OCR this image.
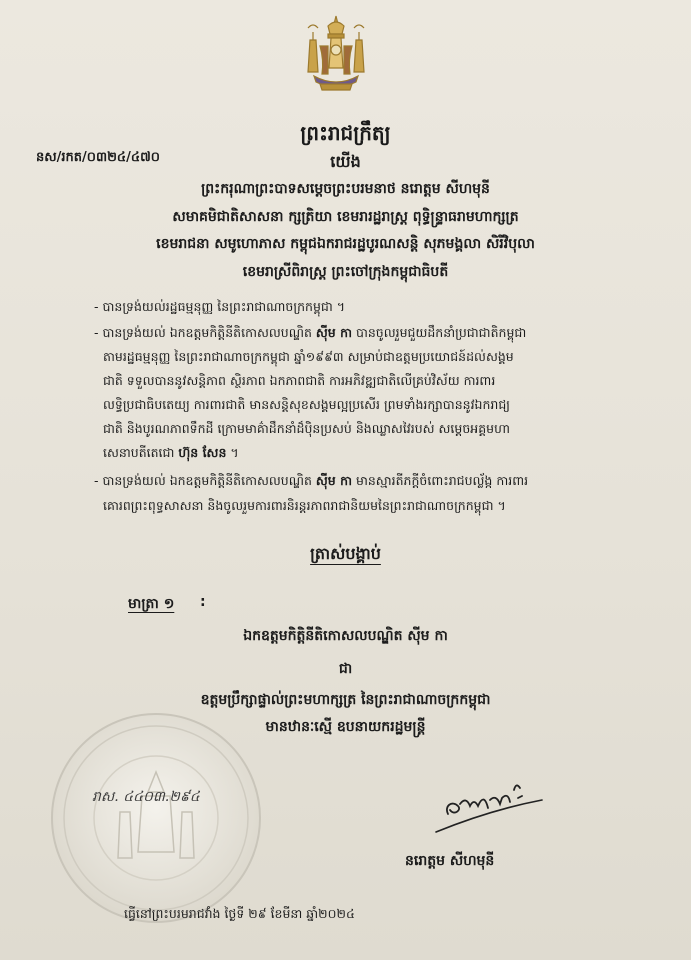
ព្រះរាជក្រឹត្យ
នស/រកត/០៣២៤/៤៧០	យើង
ព្រះករុណាព្រះបាទសម្តេចព្រះបរមនាថ នរោត្តម សីហមុនី
សមាគមិជាតិសាសនា ក្សត្រិយា ខេមរារដ្ឋរាស្ត្រ ពុទ្ធិន្ទ្រាធរាមហាក្សត្រ
ខេមរាជនា សមូហោភាស កម្ពុជឯករាជរដ្ឋបូរណសន្តិ សុភមង្គលា សិរីវិបុលា
ខេមរាស្រីពិរាស្ត្រ ព្រះចៅក្រុងកម្ពុជាធិបតី
- បានទ្រង់យល់រដ្ឋធម្មនុញ្ញ នៃព្រះរាជាណាចក្រកម្ពុជា ។
- បានទ្រង់យល់ ឯកឧត្តមកិត្តិនីតិកោសលបណ្ឌិត ស៊ីម កា បានចូលរួមជួយដឹកនាំប្រជាជាតិកម្ពុជា
តាមរដ្ឋធម្មនុញ្ញ នៃព្រះរាជាណាចក្រកម្ពុជា ឆ្នាំ១៩៩៣ សម្រាប់ជាឧត្តមប្រយោជន៍ដល់សង្គម
ជាតិ ទទួលបាននូវសន្តិភាព ស្ថិរភាព ឯកភាពជាតិ ការអភិវឌ្ឍជាតិលើគ្រប់វិស័យ ការពារ
លទ្ធិប្រជាធិបតេយ្យ ការពារជាតិ មានសន្តិសុខសង្គមល្អប្រសើរ ព្រមទាំងរក្សាបាននូវឯករាជ្យ
ជាតិ និងបូរណភាពទឹកដី ក្រោមមាគ៌ាដឹកនាំដ៏ប៉ិនប្រសប់ និងឈ្លាសវៃរបស់ សម្តេចអគ្គមហា
សេនាបតីតេជោ ហ៊ុន សែន ។
- បានទ្រង់យល់ ឯកឧត្តមកិត្តិនីតិកោសលបណ្ឌិត ស៊ីម កា មានស្មារតីភក្តីចំពោះរាជបល្ល័ង្ក ការពារ
គោរពព្រះពុទ្ធសាសនា និងចូលរួមការពារនិរន្តរភាពរាជានិយមនៃព្រះរាជាណាចក្រកម្ពុជា ។
ត្រាស់បង្គាប់
មាត្រា ១ :
ឯកឧត្តមកិត្តិនីតិកោសលបណ្ឌិត ស៊ីម កា
ជា
ឧត្តមប្រឹក្សាផ្ទាល់ព្រះមហាក្សត្រ នៃព្រះរាជាណាចក្រកម្ពុជា
មានឋានៈស្មើ ឧបនាយករដ្ឋមន្ត្រី
រាស. ៤៤០៣.២៩៤
នរោត្តម សីហមុនី
ធ្វើនៅព្រះបរមរាជវាំង ថ្ងៃទី ២៩ ខែមីនា ឆ្នាំ២០២៤
